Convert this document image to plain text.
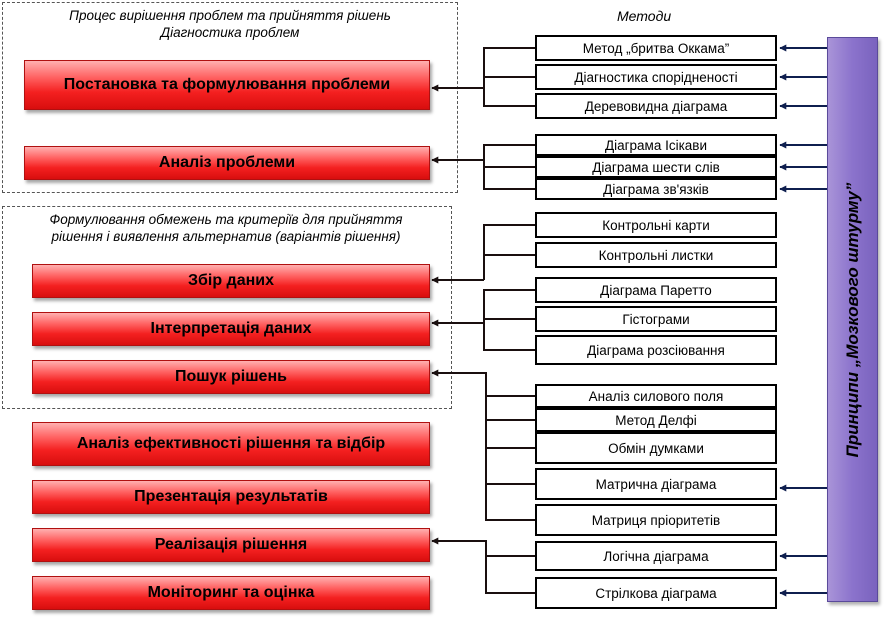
Процес вирішення проблем та прийняття рішень
Діагностика проблем
Формулювання обмежень та критеріїв для прийняття
рішення і виявлення альтернатив (варіантів рішення)
Методи
Постановка та формулювання проблеми
Аналіз проблеми
Збір даних
Інтерпретація даних
Пошук рішень
Аналіз ефективності рішення та відбір
Презентація результатів
Реалізація рішення
Моніторинг та оцінка
Метод „бритва Оккама”
Діагностика спорідненості
Деревовидна діаграма
Діаграма Ісікави
Діаграма шести слів
Діаграма зв'язків
Контрольні карти
Контрольні листки
Діаграма Паретто
Гістограми
Діаграма розсіювання
Аналіз силового поля
Метод Делфі
Обмін думками
Матрична діаграма
Матриця пріоритетів
Логічна діаграма
Стрілкова діаграма
Принципи „Мозкового штурму”
